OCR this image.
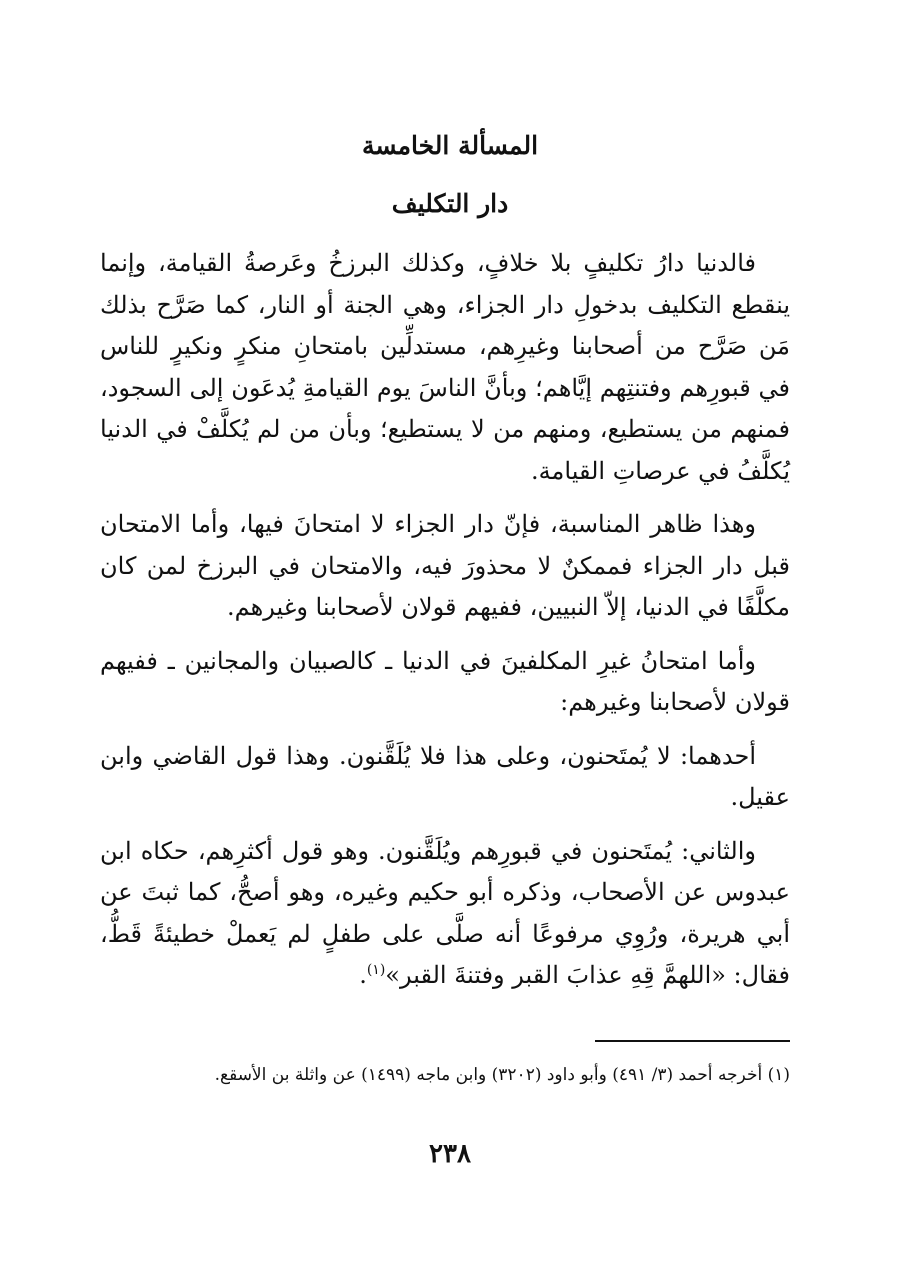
المسألة الخامسة
دار التكليف

فالدنيا دارُ تكليفٍ بلا خلافٍ، وكذلك البرزخُ وعَرصةُ القيامة، وإنما ينقطع التكليف بدخولِ دار الجزاء، وهي الجنة أو النار، كما صَرَّح بذلك مَن صَرَّح من أصحابنا وغيرِهم، مستدلِّين بامتحانِ منكرٍ ونكيرٍ للناس في قبورِهم وفتنتِهم إيَّاهم؛ وبأنَّ الناسَ يوم القيامةِ يُدعَون إلى السجود، فمنهم من يستطيع، ومنهم من لا يستطيع؛ وبأن من لم يُكلَّفْ في الدنيا يُكلَّفُ في عرصاتِ القيامة.

وهذا ظاهر المناسبة، فإنّ دار الجزاء لا امتحانَ فيها، وأما الامتحان قبل دار الجزاء فممكنٌ لا محذورَ فيه، والامتحان في البرزخ لمن كان مكلَّفًا في الدنيا، إلاّ النبيين، ففيهم قولان لأصحابنا وغيرهم.

وأما امتحانُ غيرِ المكلفينَ في الدنيا ـ كالصبيان والمجانين ـ ففيهم قولان لأصحابنا وغيرهم:

أحدهما: لا يُمتَحنون، وعلى هذا فلا يُلَقَّنون. وهذا قول القاضي وابن عقيل.

والثاني: يُمتَحنون في قبورِهم ويُلَقَّنون. وهو قول أكثرِهم، حكاه ابن عبدوس عن الأصحاب، وذكره أبو حكيم وغيره، وهو أصحُّ، كما ثبتَ عن أبي هريرة، ورُوِي مرفوعًا أنه صلَّى على طفلٍ لم يَعملْ خطيئةً قَطُّ، فقال: «اللهمَّ قِهِ عذابَ القبر وفتنةَ القبر»$^{(١)}$.

(١) أخرجه أحمد (٣/ ٤٩١) وأبو داود (٣٢٠٢) وابن ماجه (١٤٩٩) عن واثلة بن الأسقع.
٢٣٨
